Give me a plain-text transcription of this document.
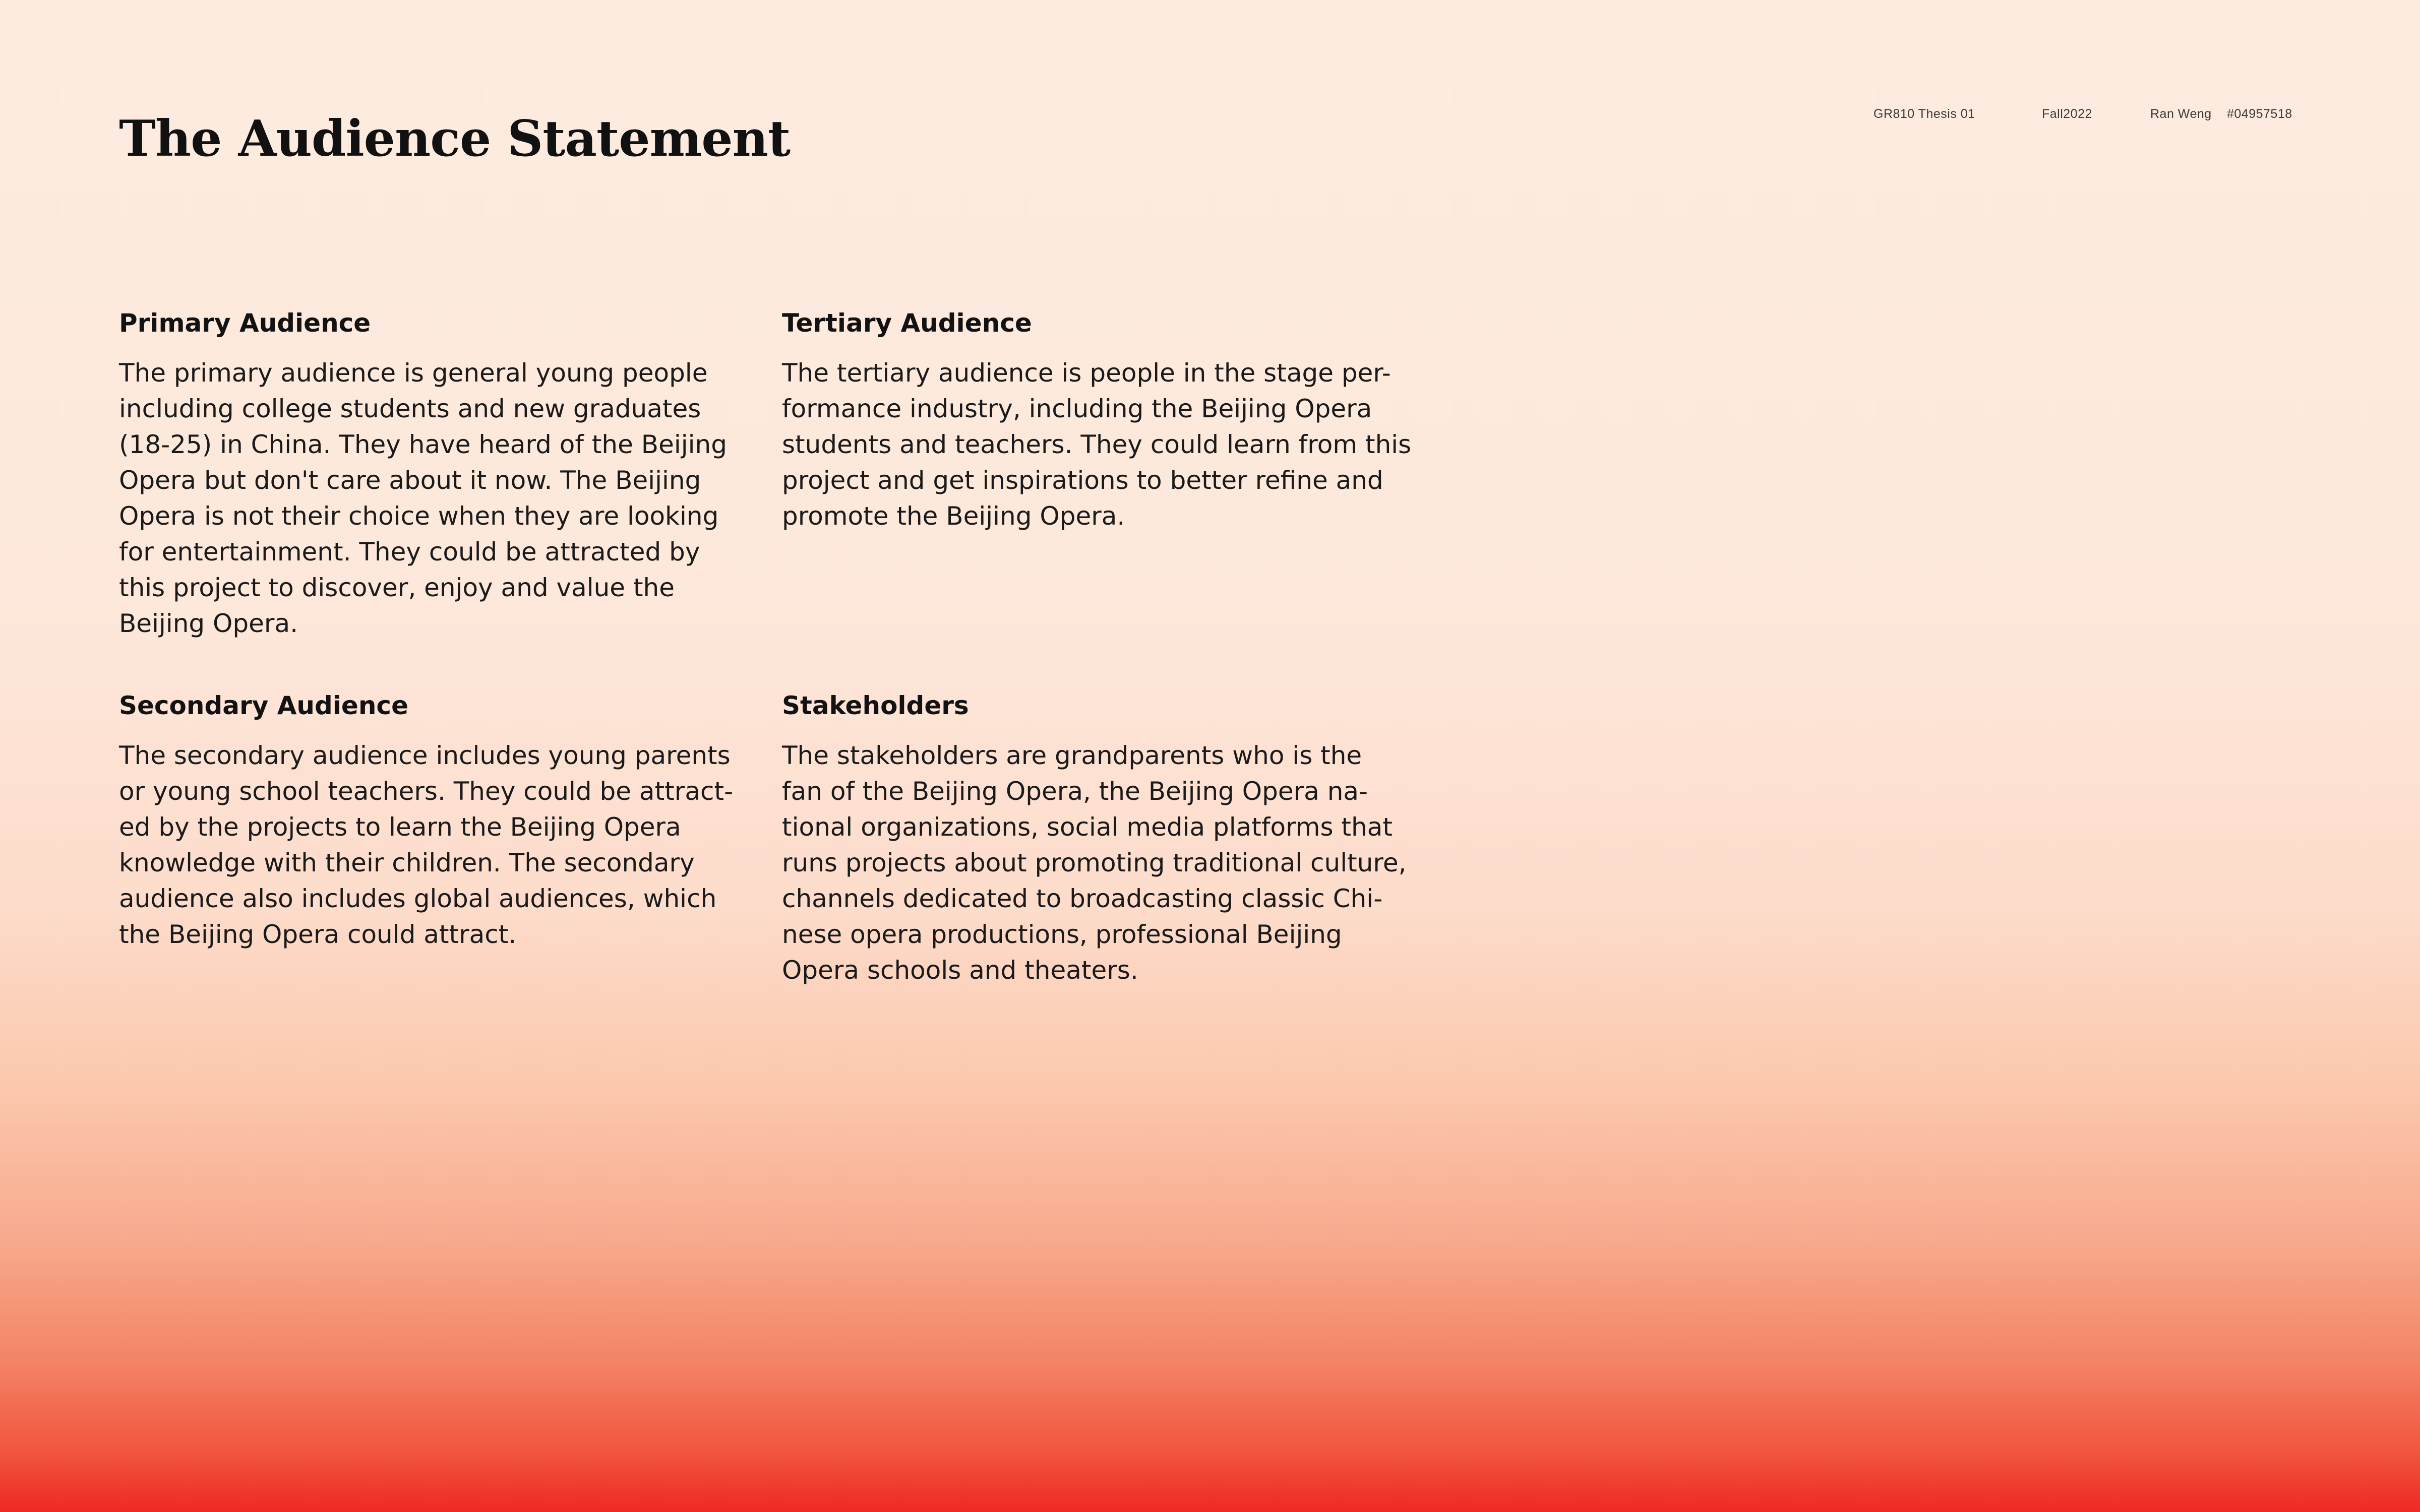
The Audience Statement	GR810 Thesis 01	Fall2022	Ran Weng #04957518
Primary Audience

The primary audience is general young people
including college students and new graduates
(18-25) in China. They have heard of the Beijing
Opera but don't care about it now. The Beijing
Opera is not their choice when they are looking
for entertainment. They could be attracted by
this project to discover, enjoy and value the
Beijing Opera.

Tertiary Audience

The tertiary audience is people in the stage per-
formance industry, including the Beijing Opera
students and teachers. They could learn from this
project and get inspirations to better refine and
promote the Beijing Opera.

Secondary Audience

The secondary audience includes young parents
or young school teachers. They could be attract-
ed by the projects to learn the Beijing Opera
knowledge with their children. The secondary
audience also includes global audiences, which
the Beijing Opera could attract.

Stakeholders

The stakeholders are grandparents who is the
fan of the Beijing Opera, the Beijing Opera na-
tional organizations, social media platforms that
runs projects about promoting traditional culture,
channels dedicated to broadcasting classic Chi-
nese opera productions, professional Beijing
Opera schools and theaters.
